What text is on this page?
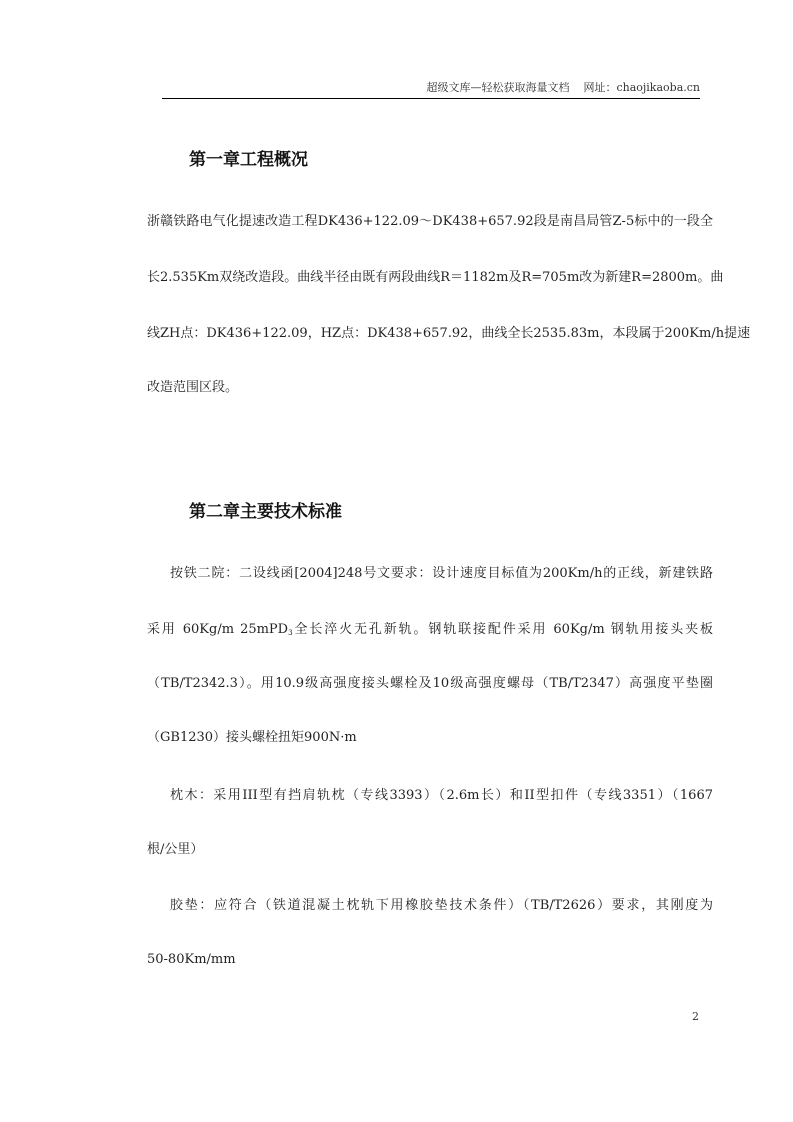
超级文库—轻松获取海量文档 网址：chaojikaoba.cn
第一章工程概况
浙赣铁路电气化提速改造工程DK436+122.09～DK438+657.92段是南昌局管Z-5标中的一段全
长2.535Km双绕改造段。曲线半径由既有两段曲线R＝1182m及R=705m改为新建R=2800m。曲
线ZH点：DK436+122.09，HZ点：DK438+657.92，曲线全长2535.83m，本段属于200Km/h提速
改造范围区段。
第二章主要技术标准
按铁二院：二设线函[2004]248号文要求：设计速度目标值为200Km/h的正线，新建铁路
采用 60Kg/m 25mPD$_3$全长淬火无孔新轨。钢轨联接配件采用 60Kg/m 钢轨用接头夹板
（TB/T2342.3）。用10.9级高强度接头螺栓及10级高强度螺母（TB/T2347）高强度平垫圈
（GB1230）接头螺栓扭矩900N·m
枕木：采用III型有挡肩轨枕（专线3393）（2.6m长）和II型扣件（专线3351）（1667
根/公里）
胶垫：应符合（铁道混凝土枕轨下用橡胶垫技术条件）（TB/T2626）要求，其刚度为
50-80Km/mm
2
